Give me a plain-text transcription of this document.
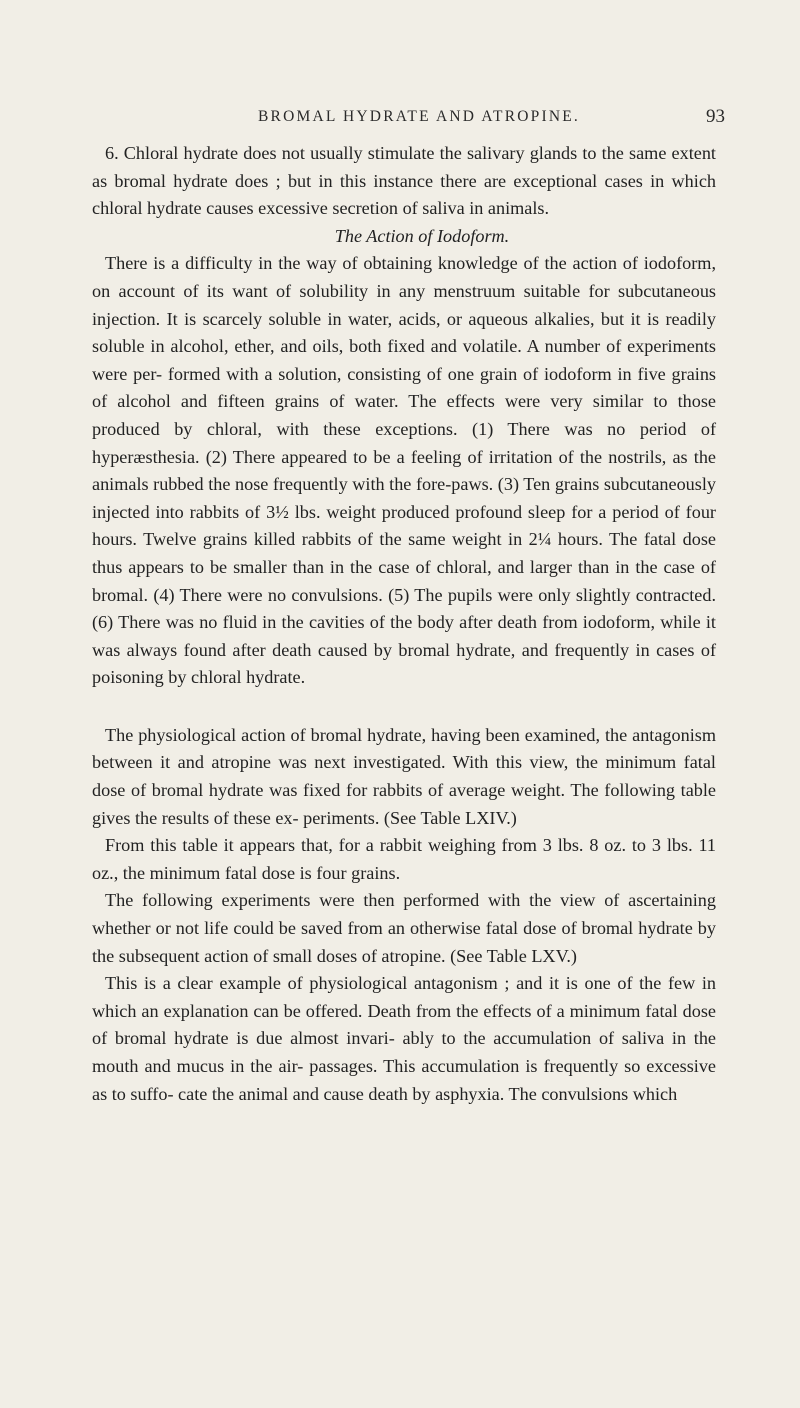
BROMAL HYDRATE AND ATROPINE.	93

6. Chloral hydrate does not usually stimulate the salivary glands to the same extent as bromal hydrate does ; but in this instance there are exceptional cases in which chloral hydrate causes excessive secretion of saliva in animals.

The Action of Iodoform.

There is a difficulty in the way of obtaining knowledge of the action of iodoform, on account of its want of solubility in any menstruum suitable for subcutaneous injection. It is scarcely soluble in water, acids, or aqueous alkalies, but it is readily soluble in alcohol, ether, and oils, both fixed and volatile. A number of experiments were per- formed with a solution, consisting of one grain of iodoform in five grains of alcohol and fifteen grains of water. The effects were very similar to those produced by chloral, with these exceptions. (1) There was no period of hyperæsthesia. (2) There appeared to be a feeling of irritation of the nostrils, as the animals rubbed the nose frequently with the fore-paws. (3) Ten grains subcutaneously injected into rabbits of 3½ lbs. weight produced profound sleep for a period of four hours. Twelve grains killed rabbits of the same weight in 2¼ hours. The fatal dose thus appears to be smaller than in the case of chloral, and larger than in the case of bromal. (4) There were no convulsions. (5) The pupils were only slightly contracted. (6) There was no fluid in the cavities of the body after death from iodoform, while it was always found after death caused by bromal hydrate, and frequently in cases of poisoning by chloral hydrate.

The physiological action of bromal hydrate, having been examined, the antagonism between it and atropine was next investigated. With this view, the minimum fatal dose of bromal hydrate was fixed for rabbits of average weight. The following table gives the results of these ex- periments. (See Table LXIV.)

From this table it appears that, for a rabbit weighing from 3 lbs. 8 oz. to 3 lbs. 11 oz., the minimum fatal dose is four grains.

The following experiments were then performed with the view of ascertaining whether or not life could be saved from an otherwise fatal dose of bromal hydrate by the subsequent action of small doses of atropine. (See Table LXV.)

This is a clear example of physiological antagonism ; and it is one of the few in which an explanation can be offered. Death from the effects of a minimum fatal dose of bromal hydrate is due almost invari- ably to the accumulation of saliva in the mouth and mucus in the air- passages. This accumulation is frequently so excessive as to suffo- cate the animal and cause death by asphyxia. The convulsions which
